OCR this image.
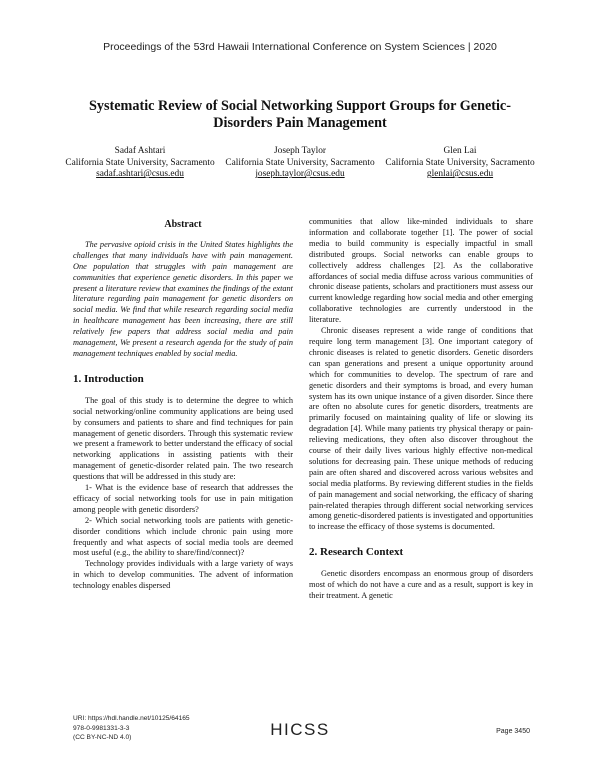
Proceedings of the 53rd Hawaii International Conference on System Sciences | 2020
Systematic Review of Social Networking Support Groups for Genetic-Disorders Pain Management
Sadaf Ashtari
California State University, Sacramento
sadaf.ashtari@csus.edu
Joseph Taylor
California State University, Sacramento
joseph.taylor@csus.edu
Glen Lai
California State University, Sacramento
glenlai@csus.edu
Abstract

The pervasive opioid crisis in the United States highlights the challenges that many individuals have with pain management. One population that struggles with pain management are communities that experience genetic disorders. In this paper we present a literature review that examines the findings of the extant literature regarding pain management for genetic disorders on social media. We find that while research regarding social media in healthcare management has been increasing, there are still relatively few papers that address social media and pain management, We present a research agenda for the study of pain management techniques enabled by social media.

1. Introduction

The goal of this study is to determine the degree to which social networking/online community applications are being used by consumers and patients to share and find techniques for pain management of genetic disorders. Through this systematic review we present a framework to better understand the efficacy of social networking applications in assisting patients with their management of genetic-disorder related pain. The two research questions that will be addressed in this study are:

1- What is the evidence base of research that addresses the efficacy of social networking tools for use in pain mitigation among people with genetic disorders?

2- Which social networking tools are patients with genetic-disorder conditions which include chronic pain using more frequently and what aspects of social media tools are deemed most useful (e.g., the ability to share/find/connect)?

Technology provides individuals with a large variety of ways in which to develop communities. The advent of information technology enables dispersed

communities that allow like-minded individuals to share information and collaborate together [1]. The power of social media to build community is especially impactful in small distributed groups. Social networks can enable groups to collectively address challenges [2]. As the collaborative affordances of social media diffuse across various communities of chronic disease patients, scholars and practitioners must assess our current knowledge regarding how social media and other emerging collaborative technologies are currently understood in the literature.

Chronic diseases represent a wide range of conditions that require long term management [3]. One important category of chronic diseases is related to genetic disorders. Genetic disorders can span generations and present a unique opportunity around which for communities to develop. The spectrum of rare and genetic disorders and their symptoms is broad, and every human system has its own unique instance of a given disorder. Since there are often no absolute cures for genetic disorders, treatments are primarily focused on maintaining quality of life or slowing its degradation [4]. While many patients try physical therapy or pain-relieving medications, they often also discover throughout the course of their daily lives various highly effective non-medical solutions for decreasing pain. These unique methods of reducing pain are often shared and discovered across various websites and social media platforms. By reviewing different studies in the fields of pain management and social networking, the efficacy of sharing pain-related therapies through different social networking services among genetic-disordered patients is investigated and opportunities to increase the efficacy of those systems is documented.

2. Research Context

Genetic disorders encompass an enormous group of disorders most of which do not have a cure and as a result, support is key in their treatment. A genetic

URI: https://hdl.handle.net/10125/64165
978-0-9981331-3-3
(CC BY-NC-ND 4.0)	HICSS	Page 3450
